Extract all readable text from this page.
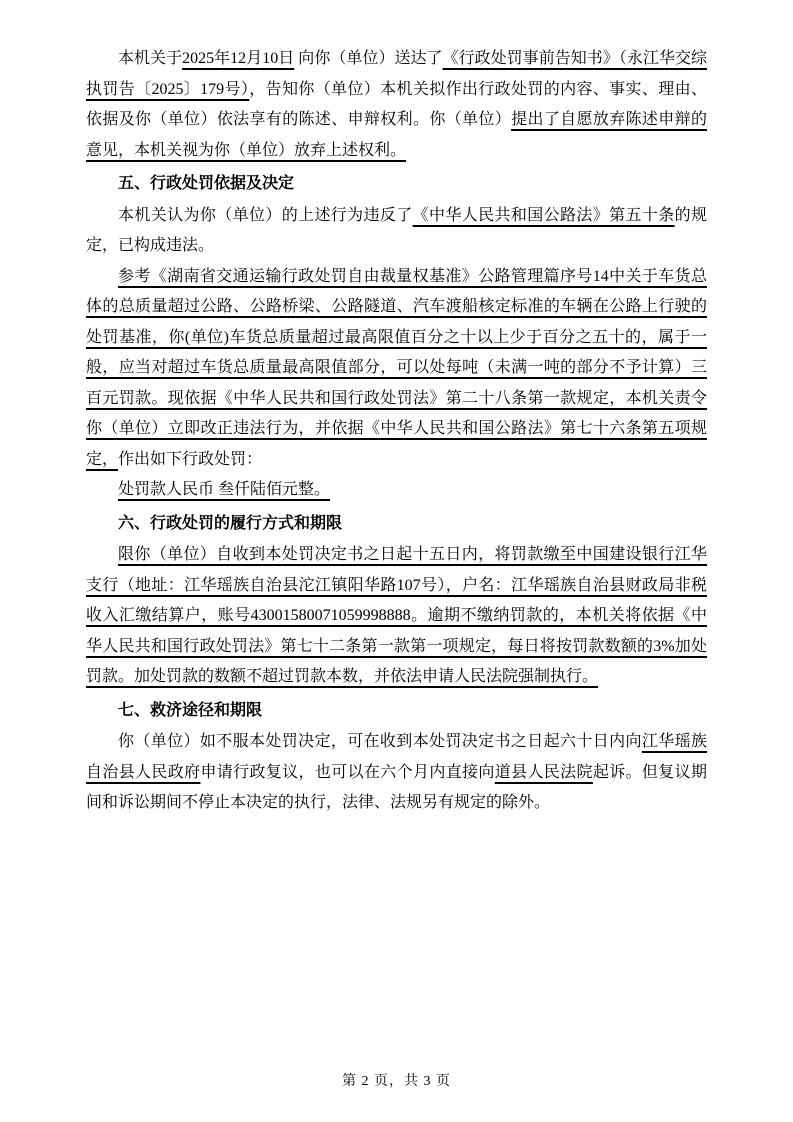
本机关于2025年12月10日 向你（单位）送达了《行政处罚事前告知书》（永江华交综执罚告〔2025〕179号），告知你（单位）本机关拟作出行政处罚的内容、事实、理由、依据及你（单位）依法享有的陈述、申辩权利。你（单位）提出了自愿放弃陈述申辩的意见，本机关视为你（单位）放弃上述权利。

五、行政处罚依据及决定

本机关认为你（单位）的上述行为违反了《中华人民共和国公路法》第五十条的规定，已构成违法。

参考《湖南省交通运输行政处罚自由裁量权基准》公路管理篇序号14中关于车货总体的总质量超过公路、公路桥梁、公路隧道、汽车渡船核定标准的车辆在公路上行驶的处罚基准，你(单位)车货总质量超过最高限值百分之十以上少于百分之五十的，属于一般，应当对超过车货总质量最高限值部分，可以处每吨（未满一吨的部分不予计算）三百元罚款。现依据《中华人民共和国行政处罚法》第二十八条第一款规定，本机关责令你（单位）立即改正违法行为，并依据《中华人民共和国公路法》第七十六条第五项规定，作出如下行政处罚：

处罚款人民币 叁仟陆佰元整。

六、行政处罚的履行方式和期限

限你（单位）自收到本处罚决定书之日起十五日内，将罚款缴至中国建设银行江华支行（地址：江华瑶族自治县沱江镇阳华路107号），户名：江华瑶族自治县财政局非税收入汇缴结算户，账号43001580071059998888。逾期不缴纳罚款的，本机关将依据《中华人民共和国行政处罚法》第七十二条第一款第一项规定，每日将按罚款数额的3%加处罚款。加处罚款的数额不超过罚款本数，并依法申请人民法院强制执行。

七、救济途径和期限

你（单位）如不服本处罚决定，可在收到本处罚决定书之日起六十日内向江华瑶族自治县人民政府申请行政复议，也可以在六个月内直接向道县人民法院起诉。但复议期间和诉讼期间不停止本决定的执行，法律、法规另有规定的除外。

第 2 页，共 3 页
